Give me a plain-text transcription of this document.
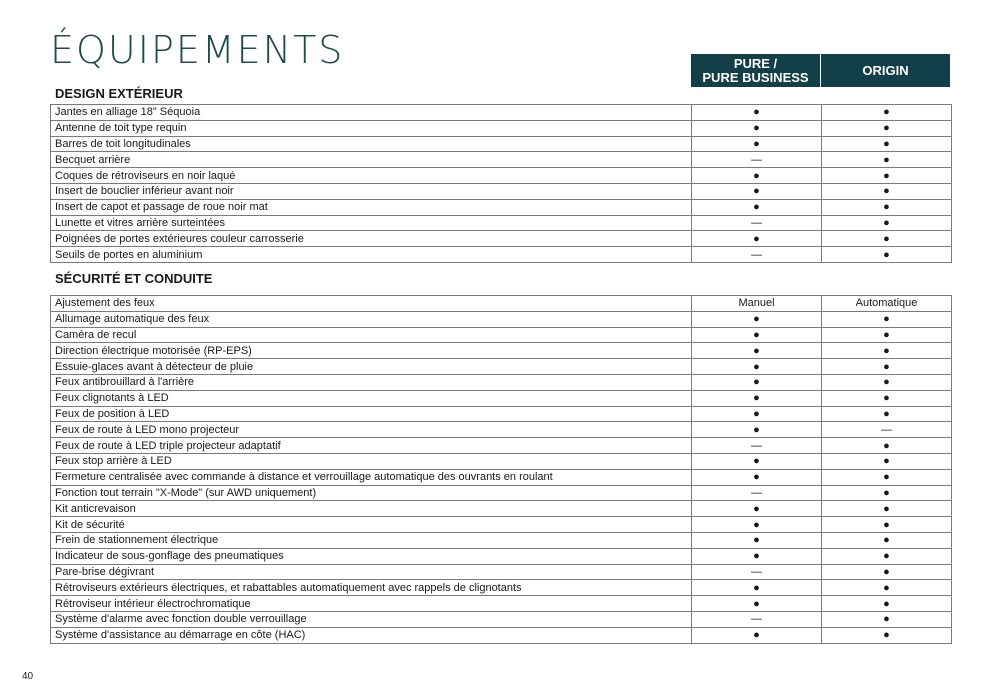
ÉQUIPEMENTS	PURE /
PURE BUSINESS	ORIGIN
DESIGN EXTÉRIEUR
Jantes en alliage 18" Séquoia	●	●
Antenne de toit type requin	●	●
Barres de toit longitudinales	●	●
Becquet arrière	—	●
Coques de rétroviseurs en noir laqué	●	●
Insert de bouclier inférieur avant noir	●	●
Insert de capot et passage de roue noir mat	●	●
Lunette et vitres arrière surteintées	—	●
Poignées de portes extérieures couleur carrosserie	●	●
Seuils de portes en aluminium	—	●
SÉCURITÉ ET CONDUITE
Ajustement des feux	Manuel	Automatique
Allumage automatique des feux	●	●
Caméra de recul	●	●
Direction électrique motorisée (RP-EPS)	●	●
Essuie-glaces avant à détecteur de pluie	●	●
Feux antibrouillard à l'arrière	●	●
Feux clignotants à LED	●	●
Feux de position à LED	●	●
Feux de route à LED mono projecteur	●	—
Feux de route à LED triple projecteur adaptatif	—	●
Feux stop arrière à LED	●	●
Fermeture centralisée avec commande à distance et verrouillage automatique des ouvrants en roulant	●	●
Fonction tout terrain "X-Mode" (sur AWD uniquement)	—	●
Kit anticrevaison	●	●
Kit de sécurité	●	●
Frein de stationnement électrique	●	●
Indicateur de sous-gonflage des pneumatiques	●	●
Pare-brise dégivrant	—	●
Rétroviseurs extérieurs électriques, et rabattables automatiquement avec rappels de clignotants	●	●
Rétroviseur intérieur électrochromatique	●	●
Système d'alarme avec fonction double verrouillage	—	●
Système d'assistance au démarrage en côte (HAC)	●	●
40
